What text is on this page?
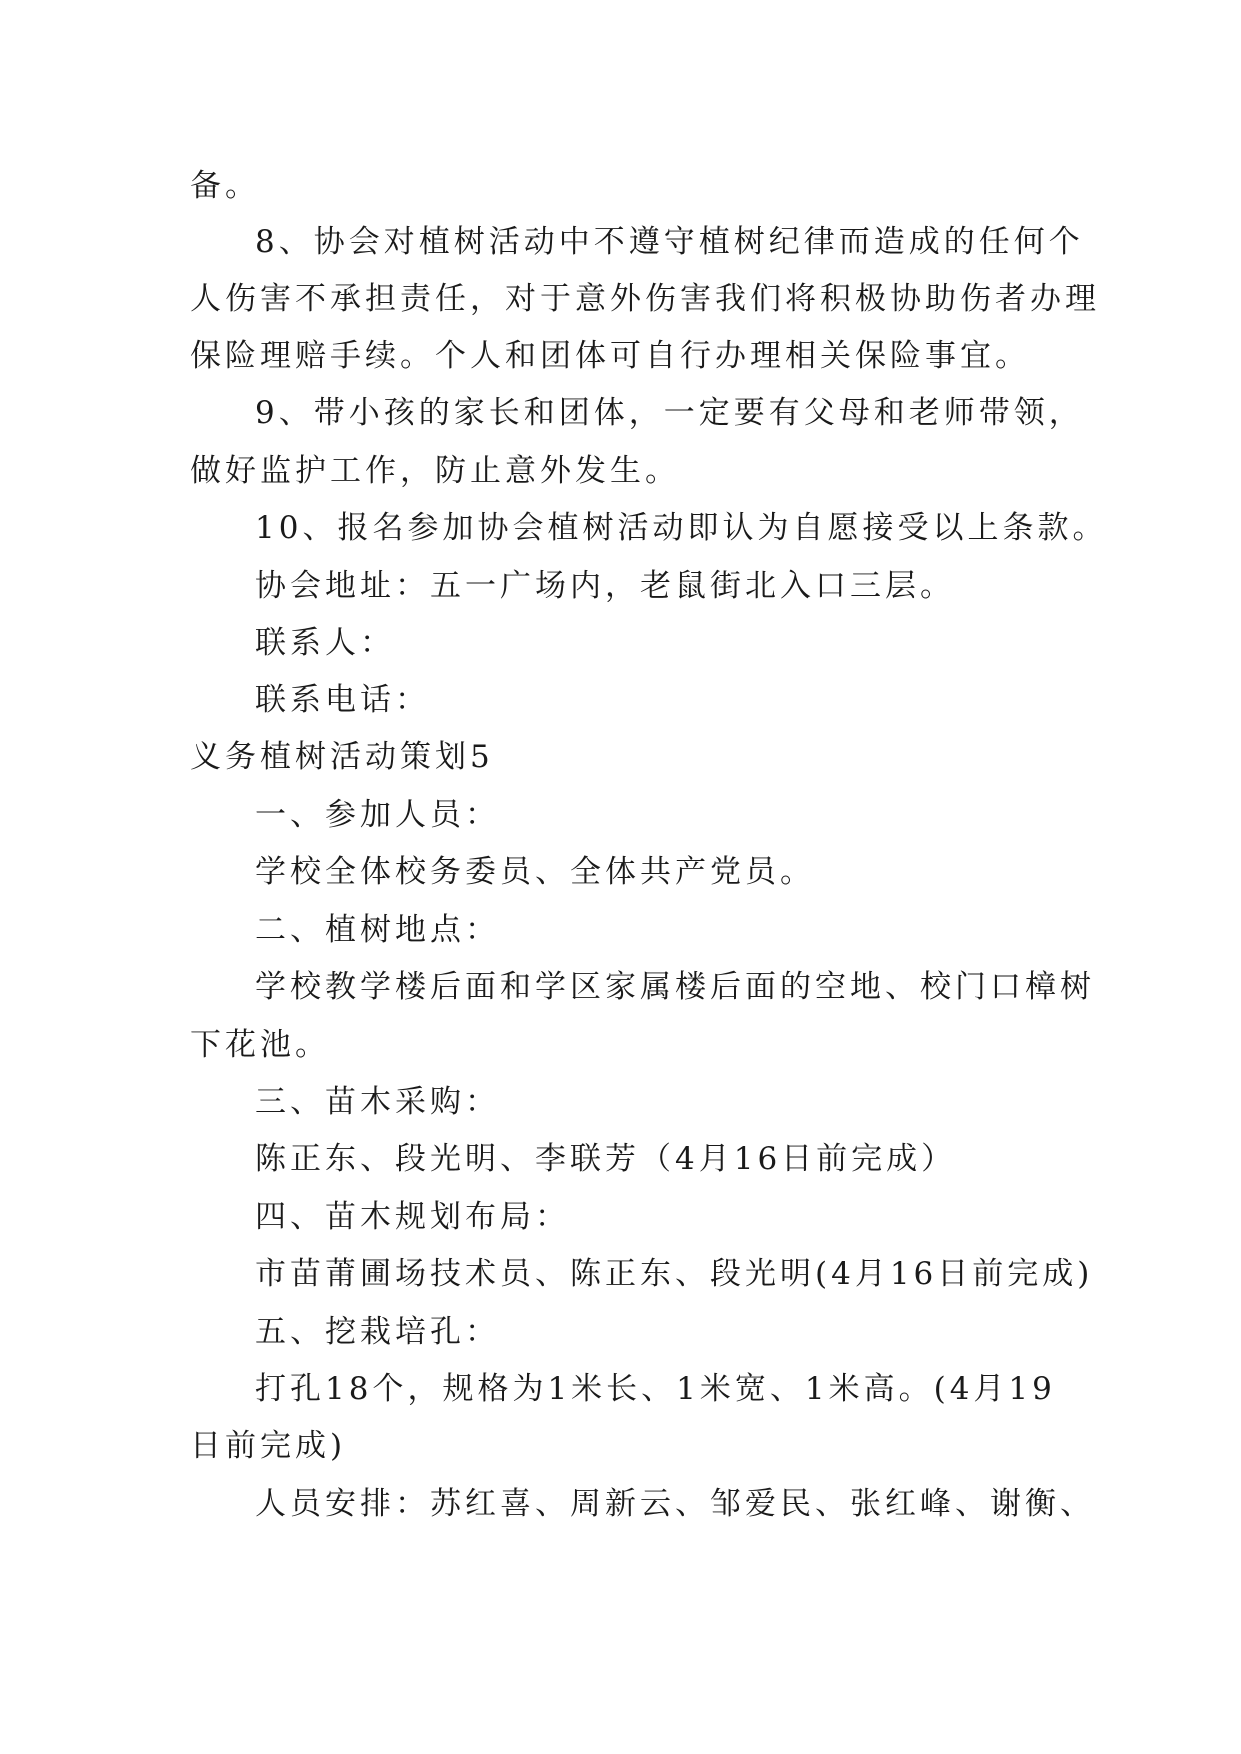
备。
8、协会对植树活动中不遵守植树纪律而造成的任何个
人伤害不承担责任，对于意外伤害我们将积极协助伤者办理
保险理赔手续。个人和团体可自行办理相关保险事宜。
9、带小孩的家长和团体，一定要有父母和老师带领，
做好监护工作，防止意外发生。
10、报名参加协会植树活动即认为自愿接受以上条款。
协会地址：五一广场内，老鼠街北入口三层。
联系人：
联系电话：
义务植树活动策划5
一、参加人员：
学校全体校务委员、全体共产党员。
二、植树地点：
学校教学楼后面和学区家属楼后面的空地、校门口樟树
下花池。
三、苗木采购：
陈正东、段光明、李联芳（4月16日前完成）
四、苗木规划布局：
市苗莆圃场技术员、陈正东、段光明(4月16日前完成)
五、挖栽培孔：
打孔18个，规格为1米长、1米宽、1米高。(4月19
日前完成)
人员安排：苏红喜、周新云、邹爱民、张红峰、谢衡、
